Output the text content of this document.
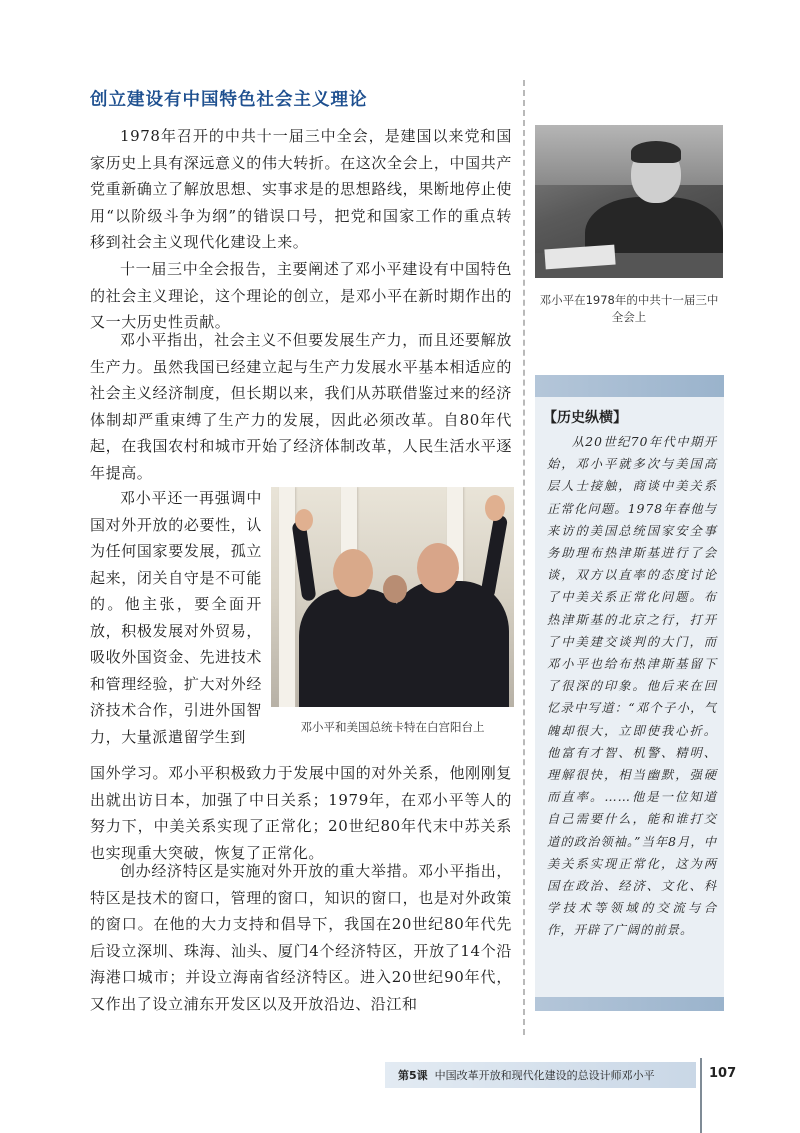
创立建设有中国特色社会主义理论

1978年召开的中共十一届三中全会，是建国以来党和国家历史上具有深远意义的伟大转折。在这次全会上，中国共产党重新确立了解放思想、实事求是的思想路线，果断地停止使用“以阶级斗争为纲”的错误口号，把党和国家工作的重点转移到社会主义现代化建设上来。

十一届三中全会报告，主要阐述了邓小平建设有中国特色的社会主义理论，这个理论的创立，是邓小平在新时期作出的又一大历史性贡献。

邓小平指出，社会主义不但要发展生产力，而且还要解放生产力。虽然我国已经建立起与生产力发展水平基本相适应的社会主义经济制度，但长期以来，我们从苏联借鉴过来的经济体制却严重束缚了生产力的发展，因此必须改革。自80年代起，在我国农村和城市开始了经济体制改革，人民生活水平逐年提高。

邓小平还一再强调中国对外开放的必要性，认为任何国家要发展，孤立起来，闭关自守是不可能的。他主张，要全面开放，积极发展对外贸易，吸收外国资金、先进技术和管理经验，扩大对外经济技术合作，引进外国智力，大量派遣留学生到

国外学习。邓小平积极致力于发展中国的对外关系，他刚刚复出就出访日本，加强了中日关系；1979年，在邓小平等人的努力下，中美关系实现了正常化；20世纪80年代末中苏关系也实现重大突破，恢复了正常化。

创办经济特区是实施对外开放的重大举措。邓小平指出，特区是技术的窗口，管理的窗口，知识的窗口，也是对外政策的窗口。在他的大力支持和倡导下，我国在20世纪80年代先后设立深圳、珠海、汕头、厦门4个经济特区，开放了14个沿海港口城市；并设立海南省经济特区。进入20世纪90年代，又作出了设立浦东开发区以及开放沿边、沿江和

邓小平在1978年的中共十一届三中全会上

邓小平和美国总统卡特在白宫阳台上

【历史纵横】

从20世纪70年代中期开始，邓小平就多次与美国高层人士接触，商谈中美关系正常化问题。1978年春他与来访的美国总统国家安全事务助理布热津斯基进行了会谈，双方以直率的态度讨论了中美关系正常化问题。布热津斯基的北京之行，打开了中美建交谈判的大门，而邓小平也给布热津斯基留下了很深的印象。他后来在回忆录中写道：“邓个子小，气魄却很大，立即使我心折。他富有才智、机警、精明、理解很快，相当幽默，强硬而直率。……他是一位知道自己需要什么，能和谁打交道的政治领袖。”当年8月，中美关系实现正常化，这为两国在政治、经济、文化、科学技术等领域的交流与合作，开辟了广阔的前景。

第5课 中国改革开放和现代化建设的总设计师邓小平	107
